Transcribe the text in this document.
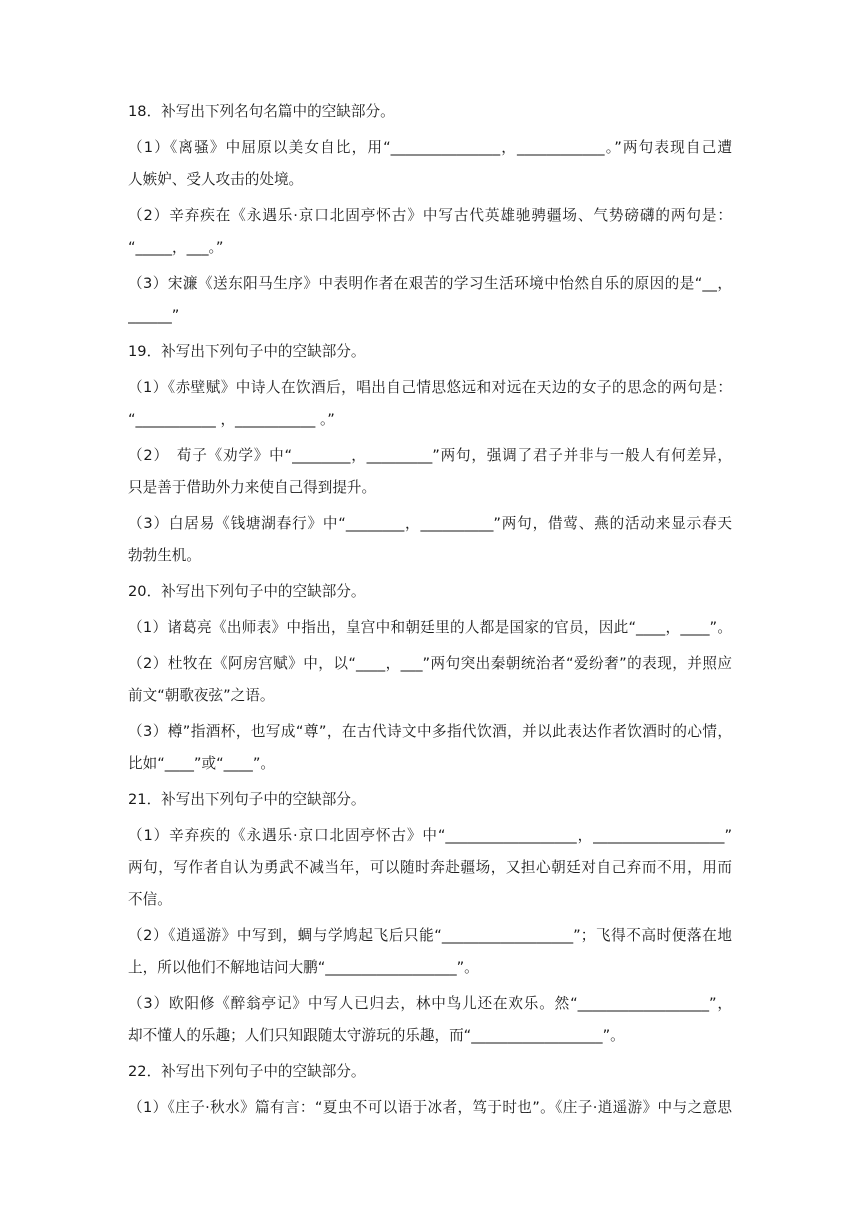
18．补写出下列名句名篇中的空缺部分。
（1）《离骚》中屈原以美女自比，用“_______________，____________。”两句表现自己遭
人嫉妒、受人攻击的处境。
（2）辛弃疾在《永遇乐·京口北固亭怀古》中写古代英雄驰骋疆场、气势磅礴的两句是：
“_____，___。”
（3）宋濂《送东阳马生序》中表明作者在艰苦的学习生活环境中怡然自乐的原因的是“__，
______”
19．补写出下列句子中的空缺部分。
（1）《赤壁赋》中诗人在饮酒后，唱出自己情思悠远和对远在天边的女子的思念的两句是：
“___________ ，___________ 。”
（2）　荀子《劝学》中“________，_________”两句，强调了君子并非与一般人有何差异，
只是善于借助外力来使自己得到提升。
（3）白居易《钱塘湖春行》中“________，__________”两句，借莺、燕的活动来显示春天
勃勃生机。
20．补写出下列句子中的空缺部分。
（1）诸葛亮《出师表》中指出，皇宫中和朝廷里的人都是国家的官员，因此“____，____”。
（2）杜牧在《阿房宫赋》中，以“____，___”两句突出秦朝统治者“爱纷奢”的表现，并照应
前文“朝歌夜弦”之语。
（3）樽”指酒杯，也写成“尊”，在古代诗文中多指代饮酒，并以此表达作者饮酒时的心情，
比如“____”或“____”。
21．补写出下列句子中的空缺部分。
（1）辛弃疾的《永遇乐·京口北固亭怀古》中“__________________，__________________”
两句，写作者自认为勇武不减当年，可以随时奔赴疆场，又担心朝廷对自己弃而不用，用而
不信。
（2）《逍遥游》中写到，蜩与学鸠起飞后只能“__________________”；飞得不高时便落在地
上，所以他们不解地诘问大鹏“__________________”。
（3）欧阳修《醉翁亭记》中写人已归去，林中鸟儿还在欢乐。然“__________________”，
却不懂人的乐趣；人们只知跟随太守游玩的乐趣，而“__________________”。
22．补写出下列句子中的空缺部分。
（1）《庄子·秋水》篇有言：“夏虫不可以语于冰者，笃于时也”。《庄子·逍遥游》中与之意思
